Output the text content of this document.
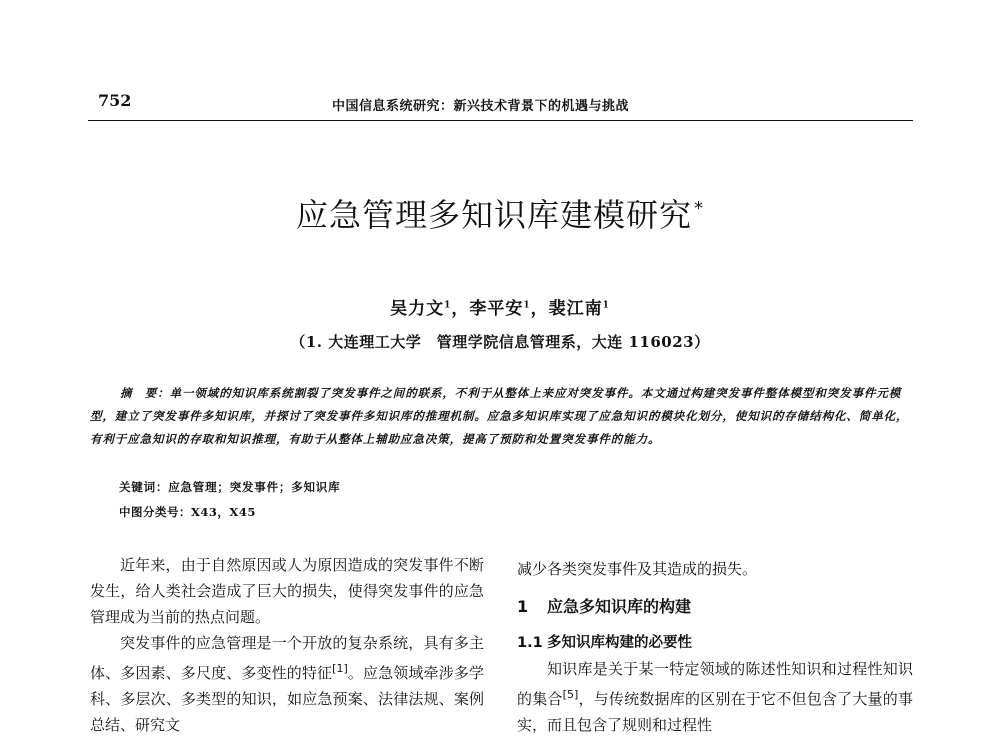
752	中国信息系统研究：新兴技术背景下的机遇与挑战
应急管理多知识库建模研究 *
吴力文$^1$，李平安$^1$，裴江南$^1$
（1. 大连理工大学　管理学院信息管理系，大连 116023）
摘　要：单一领域的知识库系统割裂了突发事件之间的联系，不利于从整体上来应对突发事件。本文通过构建突发事件整体模型和突发事件元模型，建立了突发事件多知识库，并探讨了突发事件多知识库的推理机制。应急多知识库实现了应急知识的模块化划分，使知识的存储结构化、简单化，有利于应急知识的存取和知识推理，有助于从整体上辅助应急决策，提高了预防和处置突发事件的能力。
关键词：应急管理；突发事件；多知识库
中图分类号：X43，X45

近年来，由于自然原因或人为原因造成的突发事件不断发生，给人类社会造成了巨大的损失，使得突发事件的应急管理成为当前的热点问题。

突发事件的应急管理是一个开放的复杂系统，具有多主体、多因素、多尺度、多变性的特征[1]。应急领域牵涉多学科、多层次、多类型的知识，如应急预案、法律法规、案例总结、研究文

减少各类突发事件及其造成的损失。

1 应急多知识库的构建
1.1 多知识库构建的必要性

知识库是关于某一特定领域的陈述性知识和过程性知识的集合[5]，与传统数据库的区别在于它不但包含了大量的事实，而且包含了规则和过程性
